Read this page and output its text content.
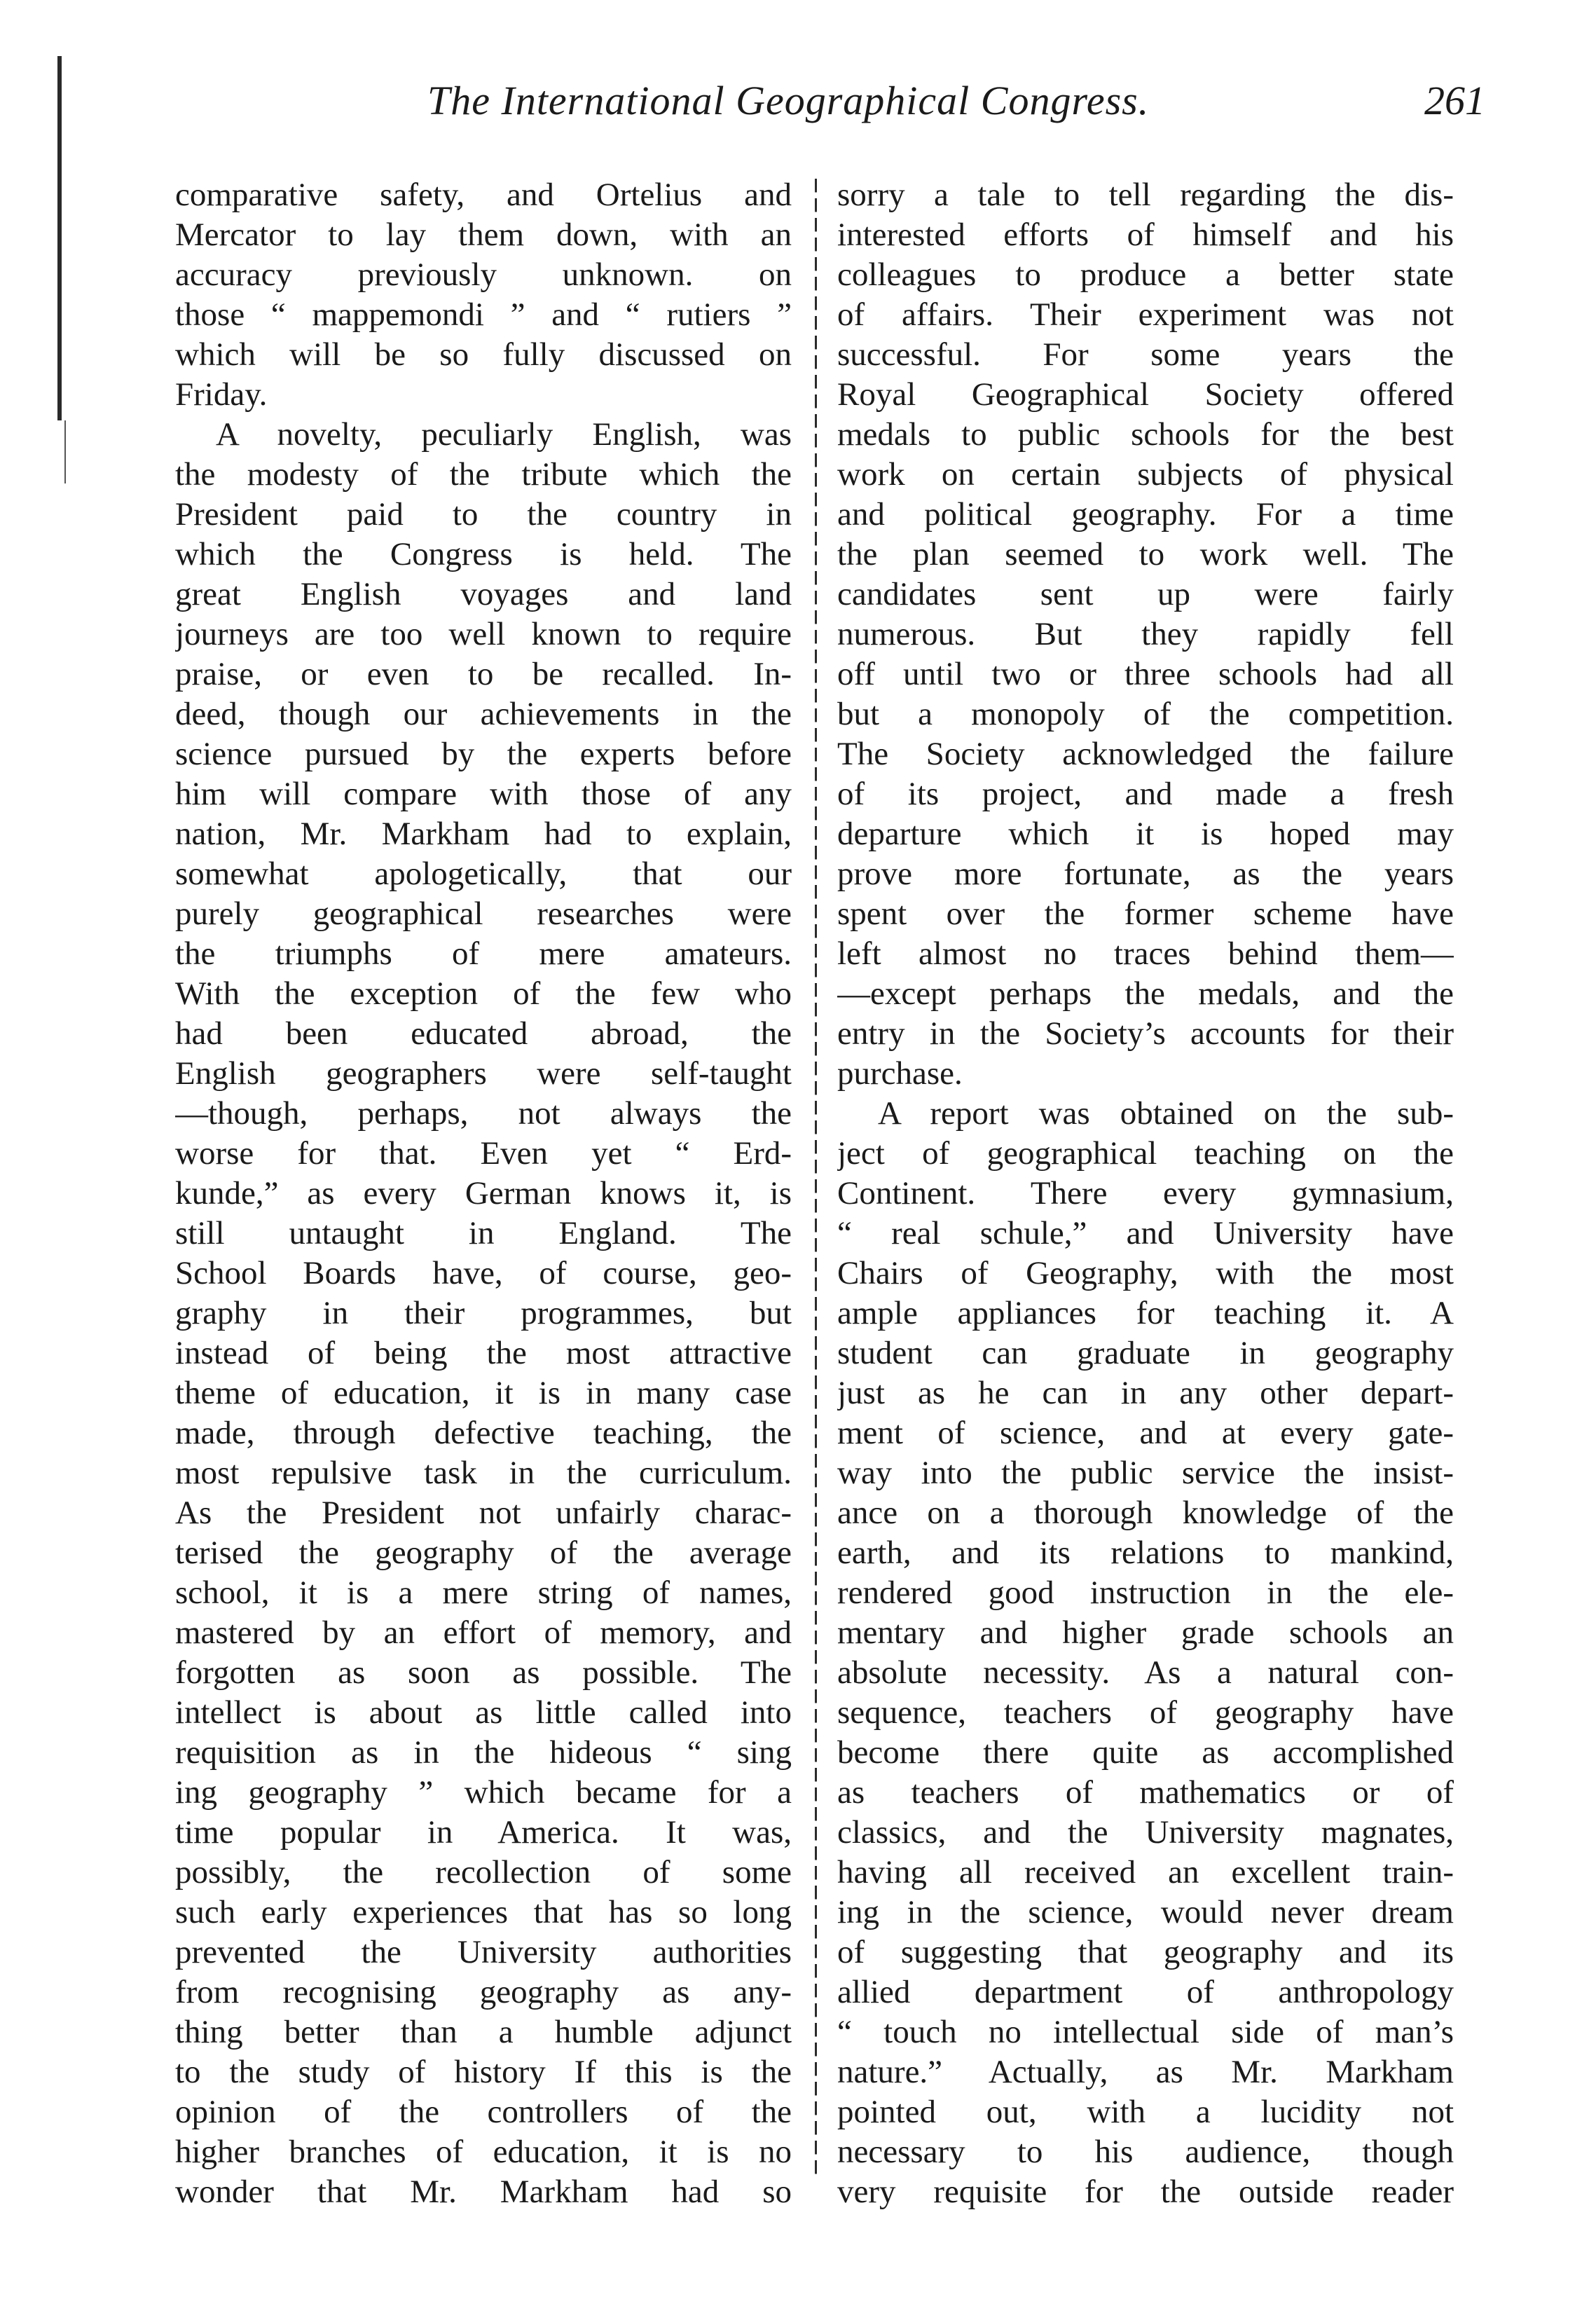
The International Geographical Congress.	261
comparative safety, and Ortelius and
Mercator to lay them down, with an
accuracy previously unknown. on
those “ mappemondi ” and “ rutiers ”
which will be so fully discussed on
Friday.
A novelty, peculiarly English, was
the modesty of the tribute which the
President paid to the country in
which the Congress is held. The
great English voyages and land
journeys are too well known to require
praise, or even to be recalled. In-
deed, though our achievements in the
science pursued by the experts before
him will compare with those of any
nation, Mr. Markham had to explain,
somewhat apologetically, that our
purely geographical researches were
the triumphs of mere amateurs.
With the exception of the few who
had been educated abroad, the
English geographers were self-taught
—though, perhaps, not always the
worse for that. Even yet “ Erd-
kunde,” as every German knows it, is
still untaught in England. The
School Boards have, of course, geo-
graphy in their programmes, but
instead of being the most attractive
theme of education, it is in many case
made, through defective teaching, the
most repulsive task in the curriculum.
As the President not unfairly charac-
terised the geography of the average
school, it is a mere string of names,
mastered by an effort of memory, and
forgotten as soon as possible. The
intellect is about as little called into
requisition as in the hideous “ sing
ing geography ” which became for a
time popular in America. It was,
possibly, the recollection of some
such early experiences that has so long
prevented the University authorities
from recognising geography as any-
thing better than a humble adjunct
to the study of history If this is the
opinion of the controllers of the
higher branches of education, it is no
wonder that Mr. Markham had so
sorry a tale to tell regarding the dis-
interested efforts of himself and his
colleagues to produce a better state
of affairs. Their experiment was not
successful. For some years the
Royal Geographical Society offered
medals to public schools for the best
work on certain subjects of physical
and political geography. For a time
the plan seemed to work well. The
candidates sent up were fairly
numerous. But they rapidly fell
off until two or three schools had all
but a monopoly of the competition.
The Society acknowledged the failure
of its project, and made a fresh
departure which it is hoped may
prove more fortunate, as the years
spent over the former scheme have
left almost no traces behind them—
—except perhaps the medals, and the
entry in the Society’s accounts for their
purchase.
A report was obtained on the sub-
ject of geographical teaching on the
Continent. There every gymnasium,
“ real schule,” and University have
Chairs of Geography, with the most
ample appliances for teaching it. A
student can graduate in geography
just as he can in any other depart-
ment of science, and at every gate-
way into the public service the insist-
ance on a thorough knowledge of the
earth, and its relations to mankind,
rendered good instruction in the ele-
mentary and higher grade schools an
absolute necessity. As a natural con-
sequence, teachers of geography have
become there quite as accomplished
as teachers of mathematics or of
classics, and the University magnates,
having all received an excellent train-
ing in the science, would never dream
of suggesting that geography and its
allied department of anthropology
“ touch no intellectual side of man’s
nature.” Actually, as Mr. Markham
pointed out, with a lucidity not
necessary to his audience, though
very requisite for the outside reader
